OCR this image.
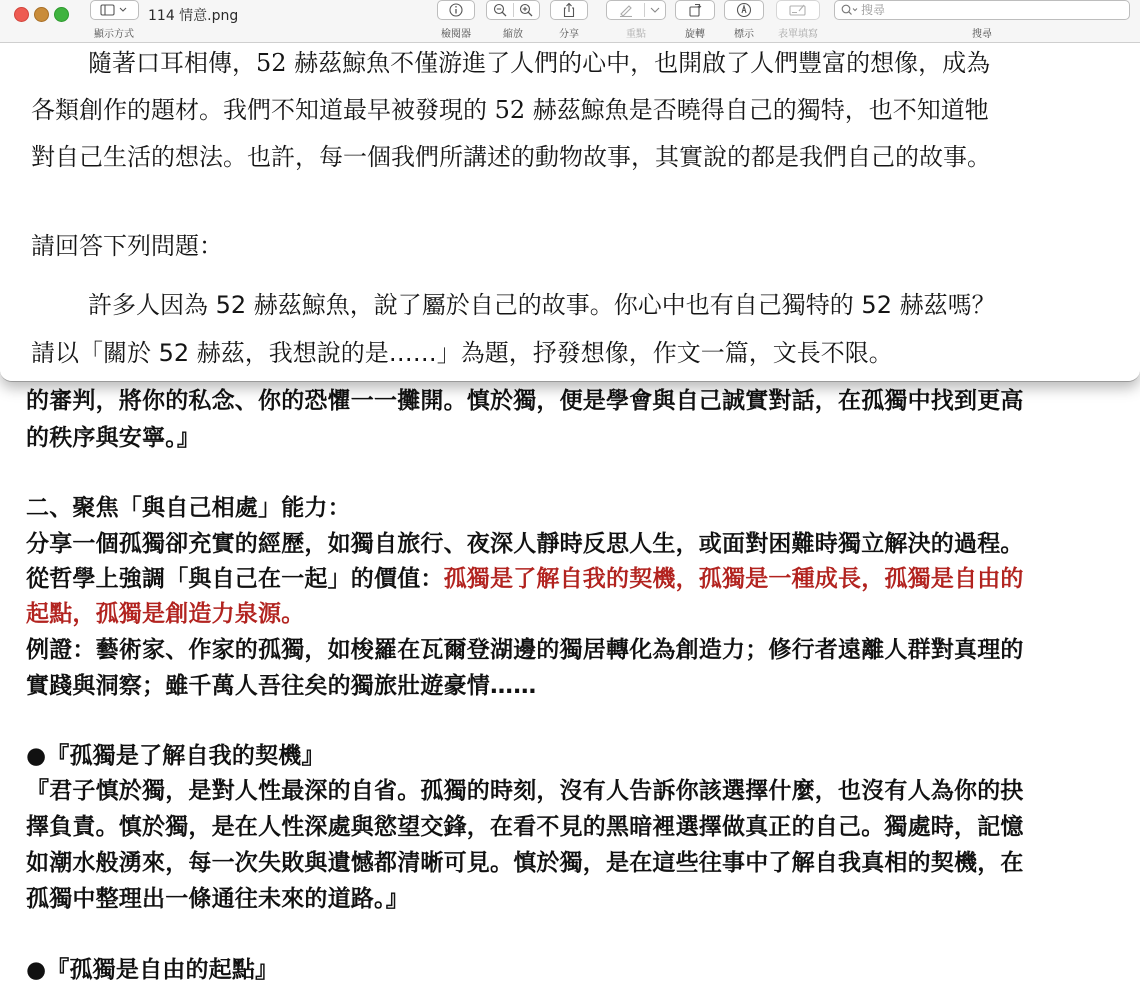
的審判，將你的私念、你的恐懼一一攤開。慎於獨，便是學會與自己誠實對話，在孤獨中找到更高
的秩序與安寧。』
二、聚焦「與自己相處」能力：
分享一個孤獨卻充實的經歷，如獨自旅行、夜深人靜時反思人生，或面對困難時獨立解決的過程。
從哲學上強調「與自己在一起」的價值：孤獨是了解自我的契機，孤獨是一種成長，孤獨是自由的
起點，孤獨是創造力泉源。
例證：藝術家、作家的孤獨，如梭羅在瓦爾登湖邊的獨居轉化為創造力；修行者遠離人群對真理的
實踐與洞察；雖千萬人吾往矣的獨旅壯遊豪情……
●『孤獨是了解自我的契機』
『君子慎於獨，是對人性最深的自省。孤獨的時刻，沒有人告訴你該選擇什麼，也沒有人為你的抉
擇負責。慎於獨，是在人性深處與慾望交鋒，在看不見的黑暗裡選擇做真正的自己。獨處時，記憶
如潮水般湧來，每一次失敗與遺憾都清晰可見。慎於獨，是在這些往事中了解自我真相的契機，在
孤獨中整理出一條通往未來的道路。』
●『孤獨是自由的起點』
顯示方式
114 情意.png
檢閱器	縮放	分享	重點	旋轉	標示 表單填寫
搜尋	搜尋
隨著口耳相傳，52 赫茲鯨魚不僅游進了人們的心中，也開啟了人們豐富的想像，成為
各類創作的題材。我們不知道最早被發現的 52 赫茲鯨魚是否曉得自己的獨特，也不知道牠
對自己生活的想法。也許，每一個我們所講述的動物故事，其實說的都是我們自己的故事。
請回答下列問題：
許多人因為 52 赫茲鯨魚，說了屬於自己的故事。你心中也有自己獨特的 52 赫茲嗎？
請以「關於 52 赫茲，我想說的是……」為題，抒發想像，作文一篇，文長不限。
